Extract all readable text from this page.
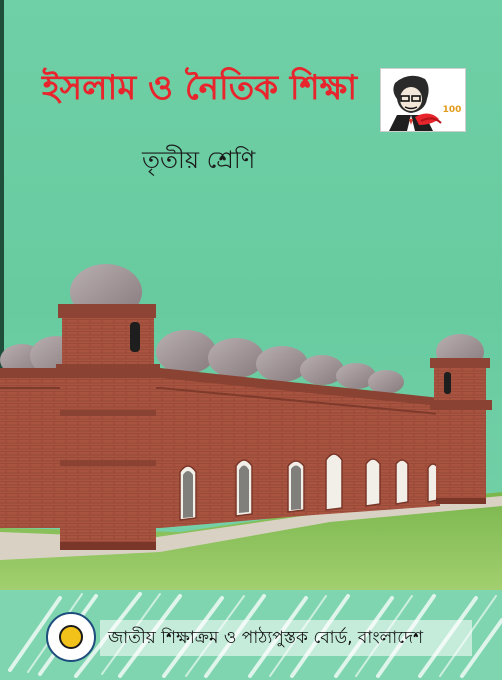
ইসলাম ও নৈতিক শিক্ষা
তৃতীয় শ্রেণি
100
জাতীয় শিক্ষাক্রম ও পাঠ্যপুস্তক বোর্ড, বাংলাদেশ
